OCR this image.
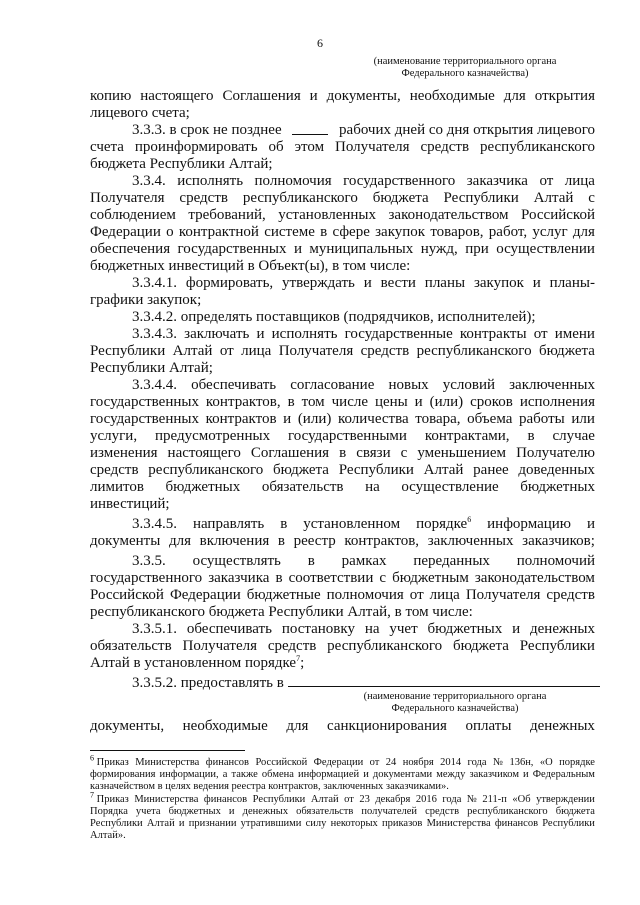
6
(наименование территориального органа
Федерального казначейства)
копию настоящего Соглашения и документы, необходимые для открытия
лицевого счета;
3.3.3. в срок не позднее	рабочих дней со дня открытия лицевого
счета проинформировать об этом Получателя средств республиканского
бюджета Республики Алтай;
3.3.4. исполнять полномочия государственного заказчика от лица
Получателя средств республиканского бюджета Республики Алтай с
соблюдением требований, установленных законодательством Российской
Федерации о контрактной системе в сфере закупок товаров, работ, услуг для
обеспечения государственных и муниципальных нужд, при осуществлении
бюджетных инвестиций в Объект(ы), в том числе:
3.3.4.1. формировать, утверждать и вести планы закупок и планы-
графики закупок;
3.3.4.2. определять поставщиков (подрядчиков, исполнителей);
3.3.4.3. заключать и исполнять государственные контракты от имени
Республики Алтай от лица Получателя средств республиканского бюджета
Республики Алтай;
3.3.4.4. обеспечивать согласование новых условий заключенных
государственных контрактов, в том числе цены и (или) сроков исполнения
государственных контрактов и (или) количества товара, объема работы или
услуги, предусмотренных государственными контрактами, в случае
изменения настоящего Соглашения в связи с уменьшением Получателю
средств республиканского бюджета Республики Алтай ранее доведенных
лимитов бюджетных обязательств на осуществление бюджетных
инвестиций;
3.3.4.5. направлять в установленном порядке$^6$ информацию и
документы для включения в реестр контрактов, заключенных заказчиков;
3.3.5. осуществлять в рамках переданных полномочий
государственного заказчика в соответствии с бюджетным законодательством
Российской Федерации бюджетные полномочия от лица Получателя средств
республиканского бюджета Республики Алтай, в том числе:
3.3.5.1. обеспечивать постановку на учет бюджетных и денежных
обязательств Получателя средств республиканского бюджета Республики
Алтай в установленном порядке$^7$;
3.3.5.2. предоставлять в
документы, необходимые для санкционирования оплаты денежных
(наименование территориального органа
Федерального казначейства)
$^6$ Приказ Министерства финансов Российской Федерации от 24 ноября 2014 года № 136н, «О порядке
формирования информации, а также обмена информацией и документами между заказчиком и Федеральным
казначейством в целях ведения реестра контрактов, заключенных заказчиками».
$^7$ Приказ Министерства финансов Республики Алтай от 23 декабря 2016 года № 211-п «Об утверждении
Порядка учета бюджетных и денежных обязательств получателей средств республиканского бюджета
Республики Алтай и признании утратившими силу некоторых приказов Министерства финансов Республики
Алтай».
